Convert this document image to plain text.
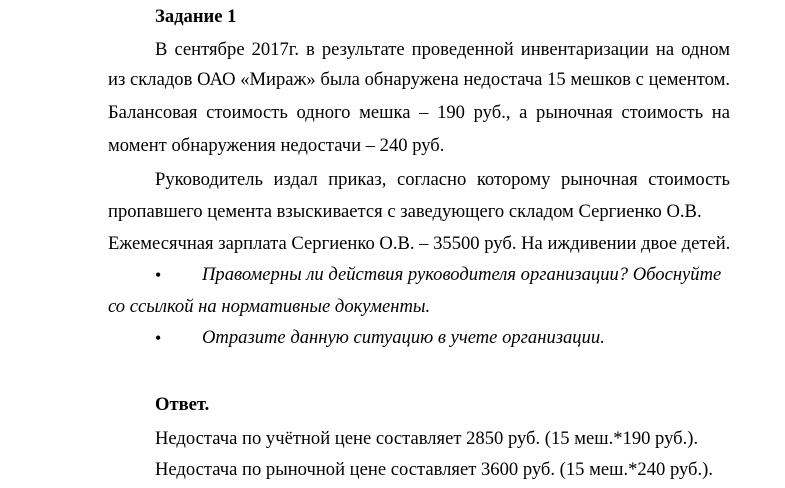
Задание 1
В сентябре 2017г. в результате проведенной инвентаризации на одном
из складов ОАО «Мираж» была обнаружена недостача 15 мешков с цементом.
Балансовая стоимость одного мешка – 190 руб., а рыночная стоимость на
момент обнаружения недостачи – 240 руб.
Руководитель издал приказ, согласно которому рыночная стоимость
пропавшего цемента взыскивается с заведующего складом Сергиенко О.В.
Ежемесячная зарплата Сергиенко О.В. – 35500 руб. На иждивении двое детей.
• Правомерны ли действия руководителя организации? Обоснуйте
со ссылкой на нормативные документы.
• Отразите данную ситуацию в учете организации.
Ответ.
Недостача по учётной цене составляет 2850 руб. (15 меш.*190 руб.).
Недостача по рыночной цене составляет 3600 руб. (15 меш.*240 руб.).
